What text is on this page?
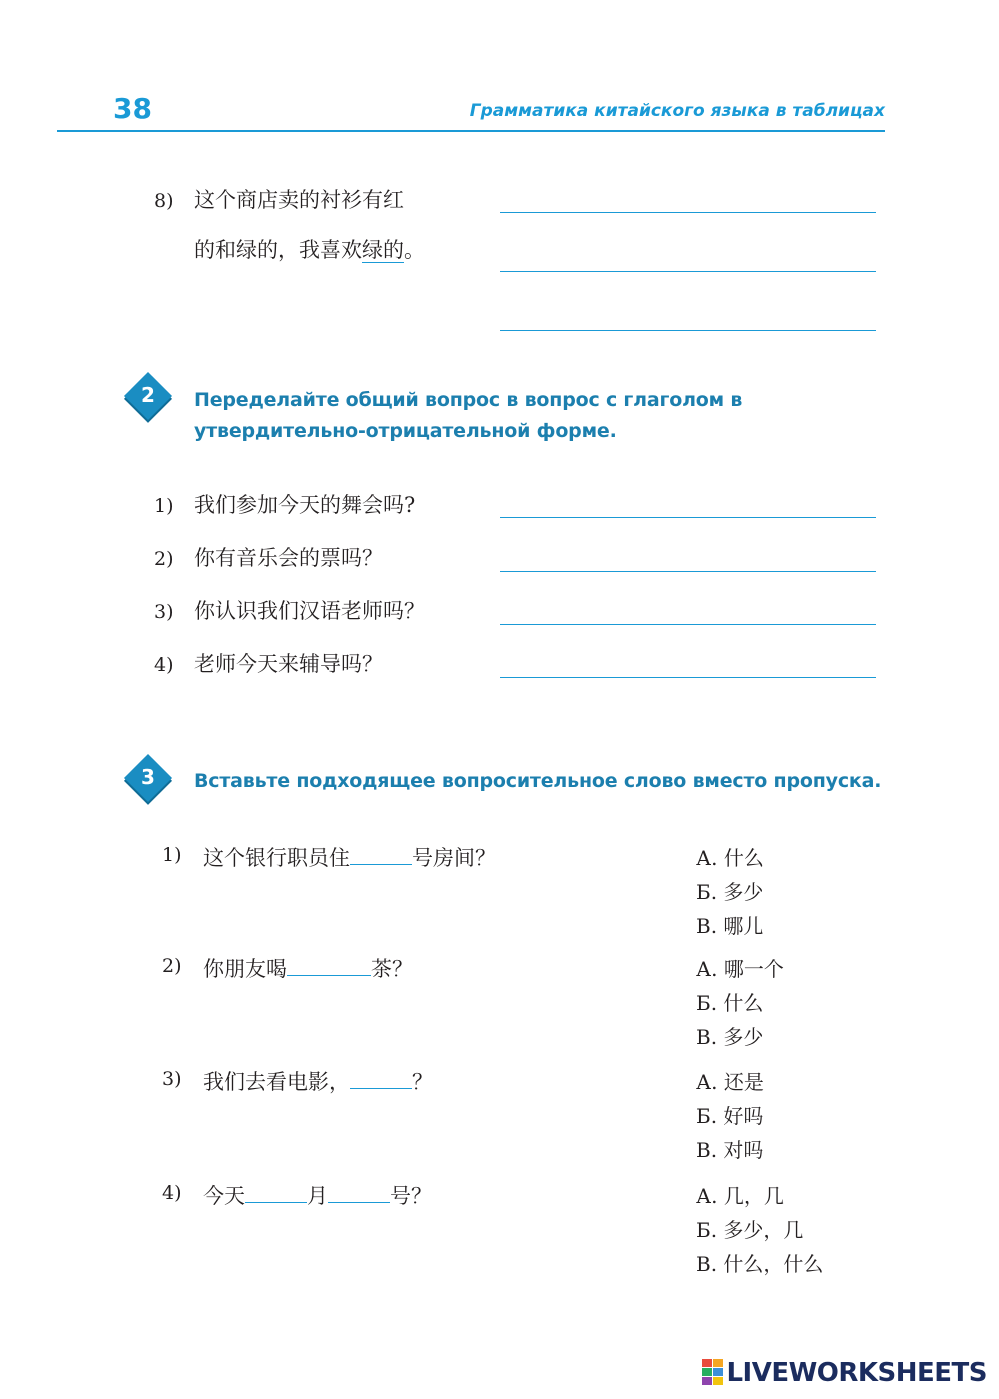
38	Грамматика китайского языка в таблицах
8) 这个商店卖的衬衫有红
的和绿的，我喜欢绿的。
2	Переделайте общий вопрос в вопрос с глаголом в утвердительно-отрицательной форме.
1) 我们参加今天的舞会吗?
2) 你有音乐会的票吗？
3) 你认识我们汉语老师吗？
4) 老师今天来辅导吗？
3	Вставьте подходящее вопросительное слово вместо пропуска.
1) 这个银行职员住	号房间？	А. 什么
Б. 多少
В. 哪儿
2) 你朋友喝	茶？	А. 哪一个
Б. 什么
В. 多少
3) 我们去看电影，	？	А. 还是
Б. 好吗
В. 对吗
4) 今天	月	号？	А. 几，几
Б. 多少，几
В. 什么，什么
LIVEWORKSHEETS
